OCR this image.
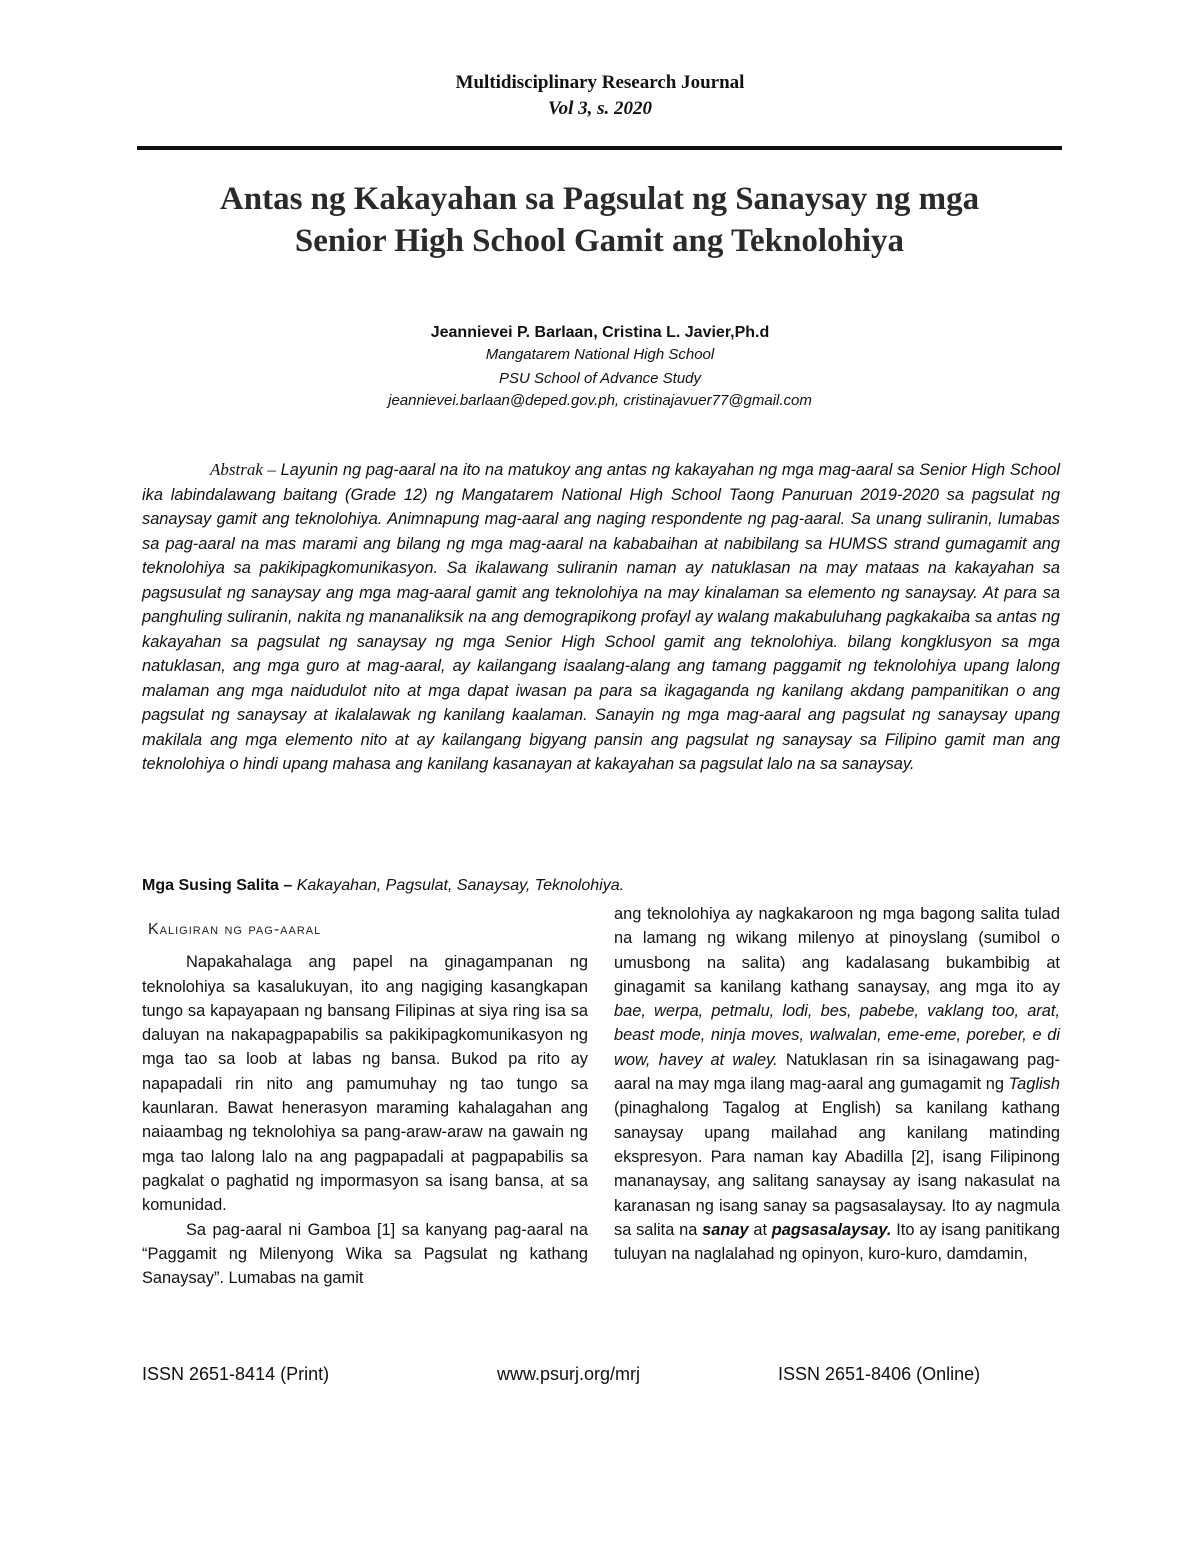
Multidisciplinary Research Journal
Vol 3, s. 2020
Antas ng Kakayahan sa Pagsulat ng Sanaysay ng mga
Senior High School Gamit ang Teknolohiya
Jeannievei P. Barlaan, Cristina L. Javier,Ph.d
Mangatarem National High School
PSU School of Advance Study
jeannievei.barlaan@deped.gov.ph, cristinajavuer77@gmail.com

Abstrak – Layunin ng pag-aaral na ito na matukoy ang antas ng kakayahan ng mga mag-aaral sa Senior High School ika labindalawang baitang (Grade 12) ng Mangatarem National High School Taong Panuruan 2019-2020 sa pagsulat ng sanaysay gamit ang teknolohiya. Animnapung mag-aaral ang naging respondente ng pag-aaral. Sa unang suliranin, lumabas sa pag-aaral na mas marami ang bilang ng mga mag-aaral na kababaihan at nabibilang sa HUMSS strand gumagamit ang teknolohiya sa pakikipagkomunikasyon. Sa ikalawang suliranin naman ay natuklasan na may mataas na kakayahan sa pagsusulat ng sanaysay ang mga mag-aaral gamit ang teknolohiya na may kinalaman sa elemento ng sanaysay. At para sa panghuling suliranin, nakita ng mananaliksik na ang demograpikong profayl ay walang makabuluhang pagkakaiba sa antas ng kakayahan sa pagsulat ng sanaysay ng mga Senior High School gamit ang teknolohiya. bilang kongklusyon sa mga natuklasan, ang mga guro at mag-aaral, ay kailangang isaalang-alang ang tamang paggamit ng teknolohiya upang lalong malaman ang mga naidudulot nito at mga dapat iwasan pa para sa ikagaganda ng kanilang akdang pampanitikan o ang pagsulat ng sanaysay at ikalalawak ng kanilang kaalaman. Sanayin ng mga mag-aaral ang pagsulat ng sanaysay upang makilala ang mga elemento nito at ay kailangang bigyang pansin ang pagsulat ng sanaysay sa Filipino gamit man ang teknolohiya o hindi upang mahasa ang kanilang kasanayan at kakayahan sa pagsulat lalo na sa sanaysay.

Mga Susing Salita – Kakayahan, Pagsulat, Sanaysay, Teknolohiya.
Kaligiran ng pag-aaral

Napakahalaga ang papel na ginagampanan ng teknolohiya sa kasalukuyan, ito ang nagiging kasangkapan tungo sa kapayapaan ng bansang Filipinas at siya ring isa sa daluyan na nakapagpapabilis sa pakikipagkomunikasyon ng mga tao sa loob at labas ng bansa. Bukod pa rito ay napapadali rin nito ang pamumuhay ng tao tungo sa kaunlaran. Bawat henerasyon maraming kahalagahan ang naiaambag ng teknolohiya sa pang-araw-araw na gawain ng mga tao lalong lalo na ang pagpapadali at pagpapabilis sa pagkalat o paghatid ng impormasyon sa isang bansa, at sa komunidad.

Sa pag-aaral ni Gamboa [1] sa kanyang pag-aaral na “Paggamit ng Milenyong Wika sa Pagsulat ng kathang Sanaysay”. Lumabas na gamit

ang teknolohiya ay nagkakaroon ng mga bagong salita tulad na lamang ng wikang milenyo at pinoyslang (sumibol o umusbong na salita) ang kadalasang bukambibig at ginagamit sa kanilang kathang sanaysay, ang mga ito ay bae, werpa, petmalu, lodi, bes, pabebe, vaklang too, arat, beast mode, ninja moves, walwalan, eme-eme, poreber, e di wow, havey at waley. Natuklasan rin sa isinagawang pag-aaral na may mga ilang mag-aaral ang gumagamit ng Taglish (pinaghalong Tagalog at English) sa kanilang kathang sanaysay upang mailahad ang kanilang matinding ekspresyon. Para naman kay Abadilla [2], isang Filipinong mananaysay, ang salitang sanaysay ay isang nakasulat na karanasan ng isang sanay sa pagsasalaysay. Ito ay nagmula sa salita na sanay at pagsasalaysay. Ito ay isang panitikang tuluyan na naglalahad ng opinyon, kuro-kuro, damdamin,

ISSN 2651-8414 (Print)	www.psurj.org/mrj	ISSN 2651-8406 (Online)
